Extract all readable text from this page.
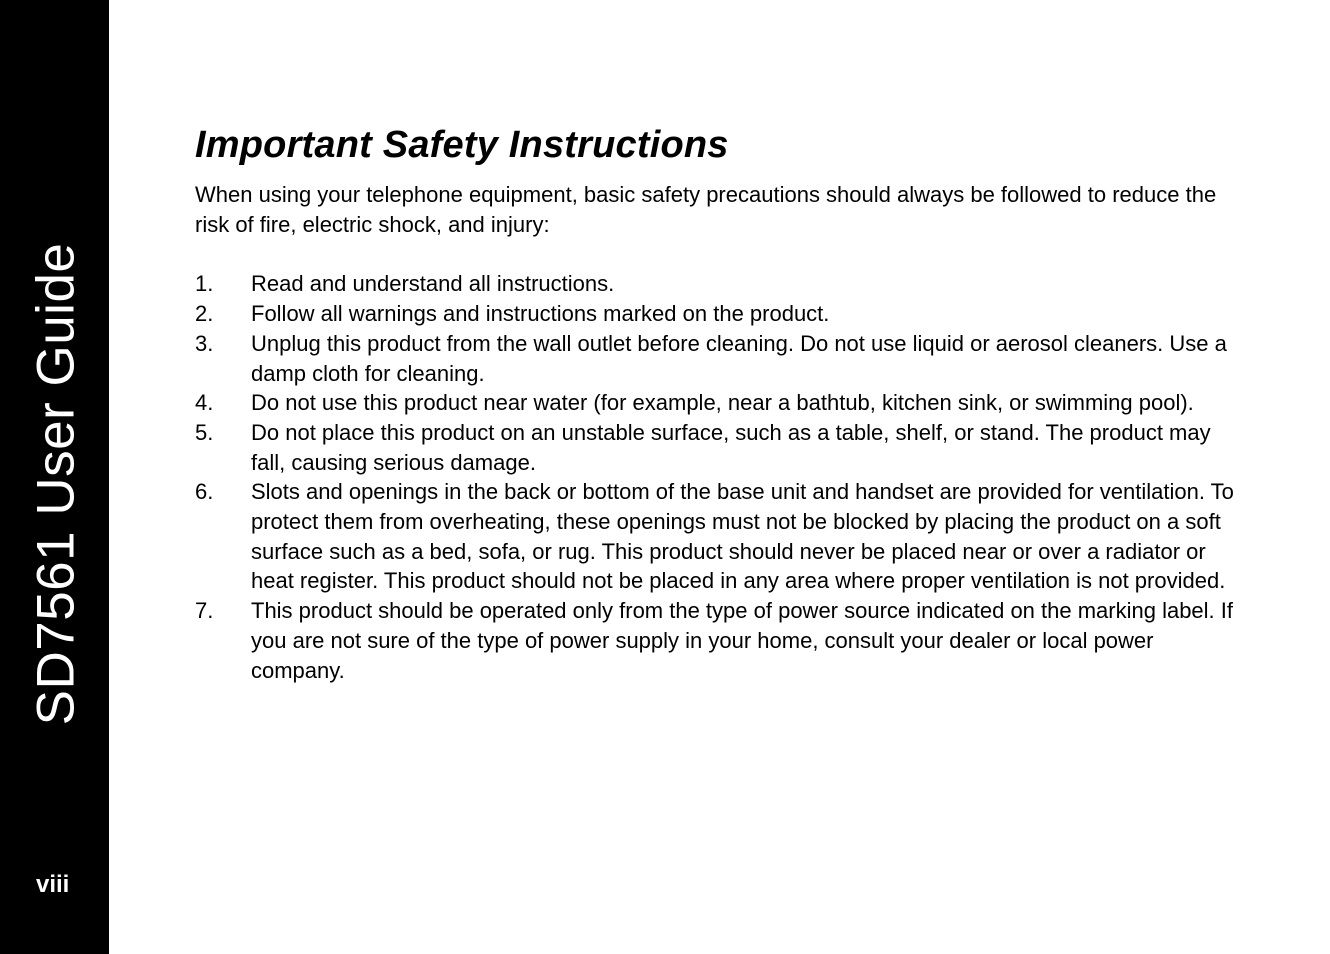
SD7561 User Guide
viii
Important Safety Instructions

When using your telephone equipment, basic safety precautions should always be followed to reduce the risk of fire, electric shock, and injury:

1. Read and understand all instructions.
2. Follow all warnings and instructions marked on the product.
3. Unplug this product from the wall outlet before cleaning. Do not use liquid or aerosol cleaners. Use a damp cloth for cleaning.
4. Do not use this product near water (for example, near a bathtub, kitchen sink, or swimming pool).
5. Do not place this product on an unstable surface, such as a table, shelf, or stand. The product may fall, causing serious damage.
6. Slots and openings in the back or bottom of the base unit and handset are provided for ventilation. To protect them from overheating, these openings must not be blocked by placing the product on a soft surface such as a bed, sofa, or rug. This product should never be placed near or over a radiator or heat register. This product should not be placed in any area where proper ventilation is not provided.
7. This product should be operated only from the type of power source indicated on the marking label. If you are not sure of the type of power supply in your home, consult your dealer or local power company.
